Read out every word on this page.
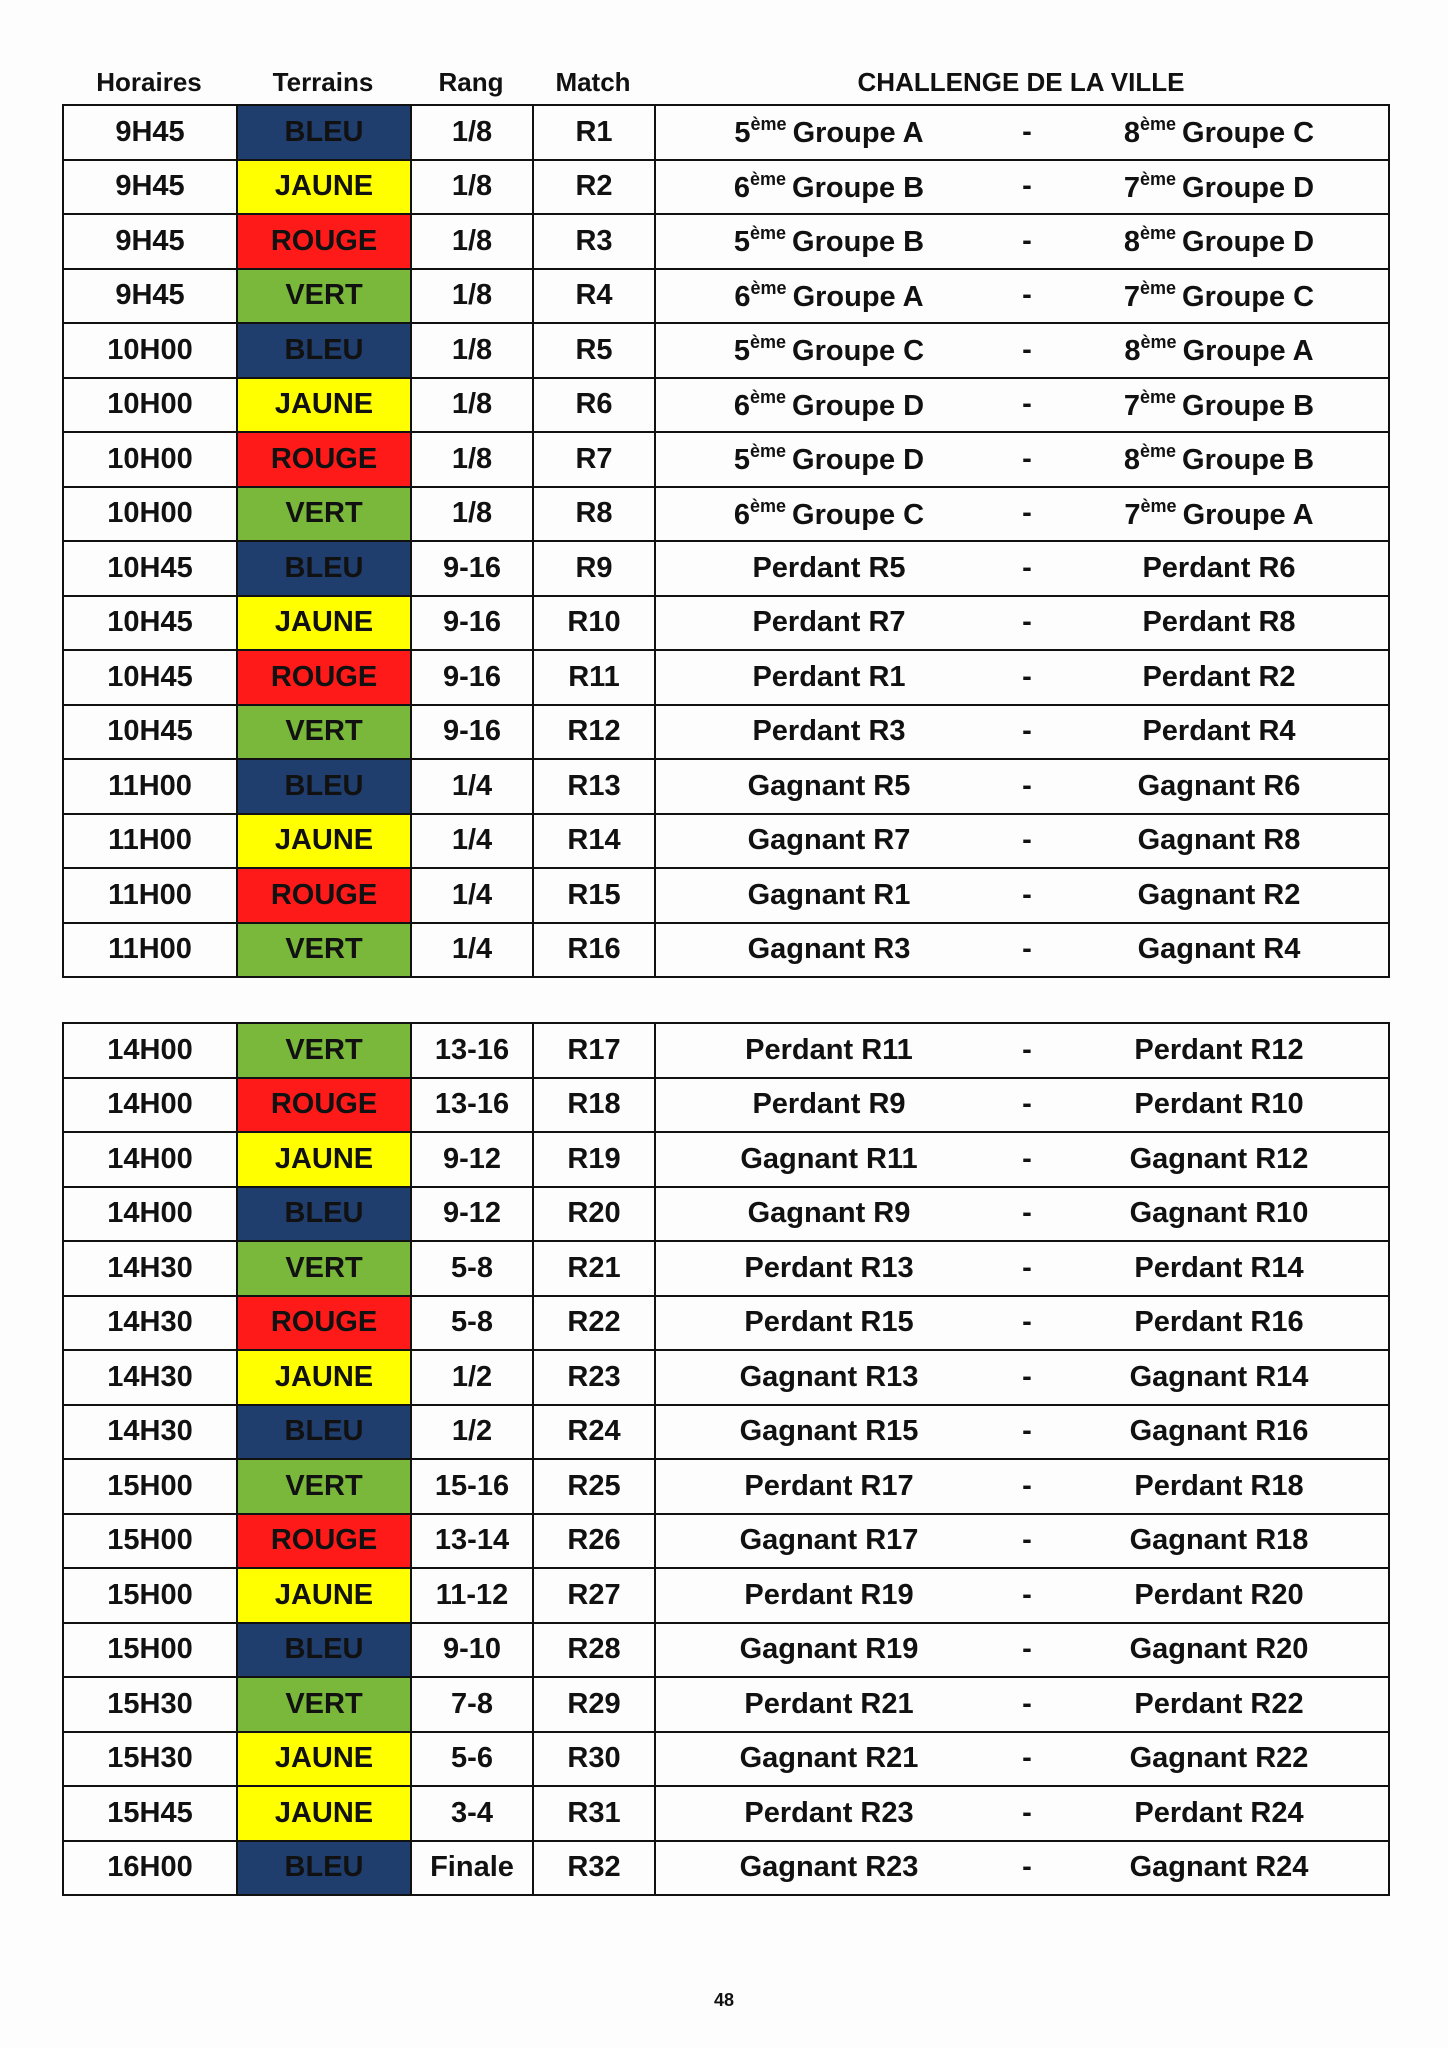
Horaires	Terrains	Rang	Match	CHALLENGE DE LA VILLE
9H45	BLEU	1/8	R1	5ème Groupe A - 8ème Groupe C

9H45	JAUNE	1/8	R2	6ème Groupe B - 7ème Groupe D

9H45	ROUGE	1/8	R3	5ème Groupe B - 8ème Groupe D

9H45	VERT	1/8	R4	6ème Groupe A - 7ème Groupe C

10H00	BLEU	1/8	R5	5ème Groupe C - 8ème Groupe A

10H00	JAUNE	1/8	R6	6ème Groupe D - 7ème Groupe B

10H00	ROUGE	1/8	R7	5ème Groupe D - 8ème Groupe B

10H00	VERT	1/8	R8	6ème Groupe C - 7ème Groupe A

10H45	BLEU	9-16	R9	Perdant R5 - Perdant R6

10H45	JAUNE	9-16	R10	Perdant R7 - Perdant R8

10H45	ROUGE	9-16	R11	Perdant R1 - Perdant R2

10H45	VERT	9-16	R12	Perdant R3 - Perdant R4

11H00	BLEU	1/4	R13	Gagnant R5 - Gagnant R6

11H00	JAUNE	1/4	R14	Gagnant R7 - Gagnant R8

11H00	ROUGE	1/4	R15	Gagnant R1 - Gagnant R2

11H00	VERT	1/4	R16	Gagnant R3 - Gagnant R4
14H00	VERT	13-16	R17	Perdant R11 - Perdant R12

14H00	ROUGE	13-16	R18	Perdant R9 - Perdant R10

14H00	JAUNE	9-12	R19	Gagnant R11 - Gagnant R12

14H00	BLEU	9-12	R20	Gagnant R9 - Gagnant R10

14H30	VERT	5-8	R21	Perdant R13 - Perdant R14

14H30	ROUGE	5-8	R22	Perdant R15 - Perdant R16

14H30	JAUNE	1/2	R23	Gagnant R13 - Gagnant R14

14H30	BLEU	1/2	R24	Gagnant R15 - Gagnant R16

15H00	VERT	15-16	R25	Perdant R17 - Perdant R18

15H00	ROUGE	13-14	R26	Gagnant R17 - Gagnant R18

15H00	JAUNE	11-12	R27	Perdant R19 - Perdant R20

15H00	BLEU	9-10	R28	Gagnant R19 - Gagnant R20

15H30	VERT	7-8	R29	Perdant R21 - Perdant R22

15H30	JAUNE	5-6	R30	Gagnant R21 - Gagnant R22

15H45	JAUNE	3-4	R31	Perdant R23 - Perdant R24

16H00	BLEU	Finale	R32	Gagnant R23 - Gagnant R24
48
